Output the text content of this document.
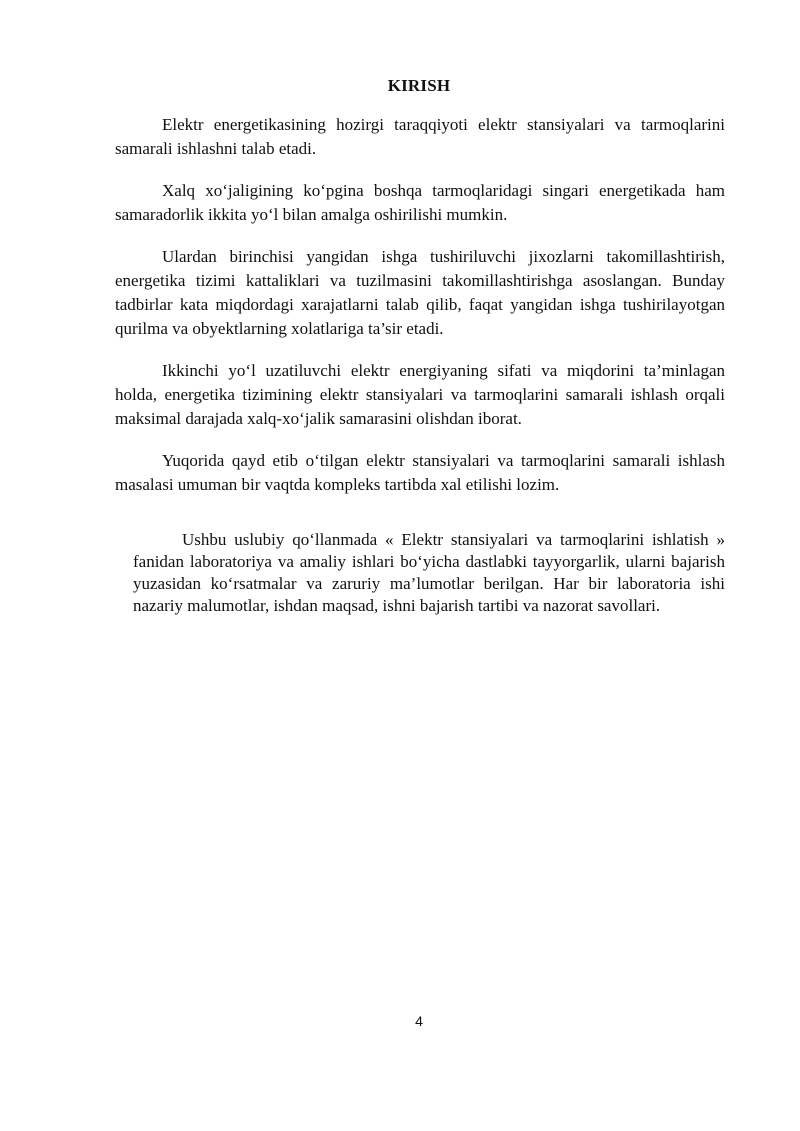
KIRISH

Elektr energetikasining hozirgi taraqqiyoti elektr stansiyalari va tarmoqlarini samarali ishlashni talab etadi.

Xalq xo‘jaligining ko‘pgina boshqa tarmoqlaridagi singari energetikada ham samaradorlik ikkita yo‘l bilan amalga oshirilishi mumkin.

Ulardan birinchisi yangidan ishga tushiriluvchi jixozlarni takomillashtirish, energetika tizimi kattaliklari va tuzilmasini takomillashtirishga asoslangan. Bunday tadbirlar kata miqdordagi xarajatlarni talab qilib, faqat yangidan ishga tushirilayotgan qurilma va obyektlarning xolatlariga ta’sir etadi.

Ikkinchi yo‘l uzatiluvchi elektr energiyaning sifati va miqdorini ta’minlagan holda, energetika tizimining elektr stansiyalari va tarmoqlarini samarali ishlash orqali maksimal darajada xalq-xo‘jalik samarasini olishdan iborat.

Yuqorida qayd etib o‘tilgan elektr stansiyalari va tarmoqlarini samarali ishlash masalasi umuman bir vaqtda kompleks tartibda xal etilishi lozim.

Ushbu uslubiy qo‘llanmada « Elektr stansiyalari va tarmoqlarini ishlatish » fanidan laboratoriya va amaliy ishlari bo‘yicha dastlabki tayyorgarlik, ularni bajarish yuzasidan ko‘rsatmalar va zaruriy ma’lumotlar berilgan. Har bir laboratoria ishi nazariy malumotlar, ishdan maqsad, ishni bajarish tartibi va nazorat savollari.

4
